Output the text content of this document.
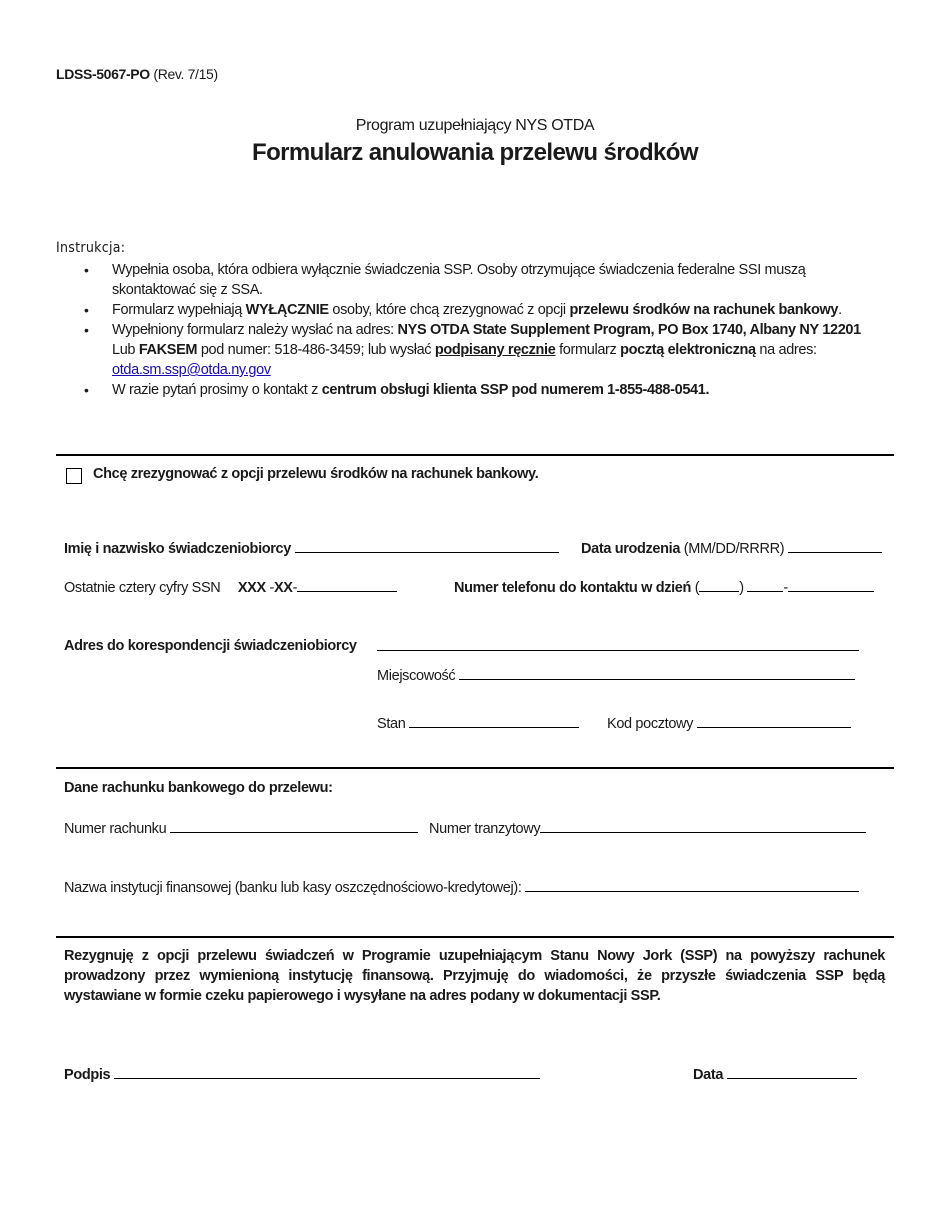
LDSS-5067-PO (Rev. 7/15)
Program uzupełniający NYS OTDA
Formularz anulowania przelewu środków
Instrukcja:
• Wypełnia osoba, która odbiera wyłącznie świadczenia SSP. Osoby otrzymujące świadczenia federalne SSI muszą skontaktować się z SSA.
• Formularz wypełniają WYŁĄCZNIE osoby, które chcą zrezygnować z opcji przelewu środków na rachunek bankowy.
• Wypełniony formularz należy wysłać na adres: NYS OTDA State Supplement Program, PO Box 1740, Albany NY 12201
Lub FAKSEM pod numer: 518-486-3459; lub wysłać podpisany ręcznie formularz pocztą elektroniczną na adres:
otda.sm.ssp@otda.ny.gov
• W razie pytań prosimy o kontakt z centrum obsługi klienta SSP pod numerem 1-855-488-0541.
Chcę zrezygnować z opcji przelewu środków na rachunek bankowy.
Imię i nazwisko świadczeniobiorcy	Data urodzenia (MM/DD/RRRR)
Ostatnie cztery cyfry SSN XXX -XX-	Numer telefonu do kontaktu w dzień (	)	-
Adres do korespondencji świadczeniobiorcy
Miejscowość
Stan	Kod pocztowy
Dane rachunku bankowego do przelewu:
Numer rachunku	Numer tranzytowy
Nazwa instytucji finansowej (banku lub kasy oszczędnościowo-kredytowej):
Rezygnuję z opcji przelewu świadczeń w Programie uzupełniającym Stanu Nowy Jork (SSP) na powyższy rachunek prowadzony przez wymienioną instytucję finansową. Przyjmuję do wiadomości, że przyszłe świadczenia SSP będą wystawiane w formie czeku papierowego i wysyłane na adres podany w dokumentacji SSP.
Podpis	Data
